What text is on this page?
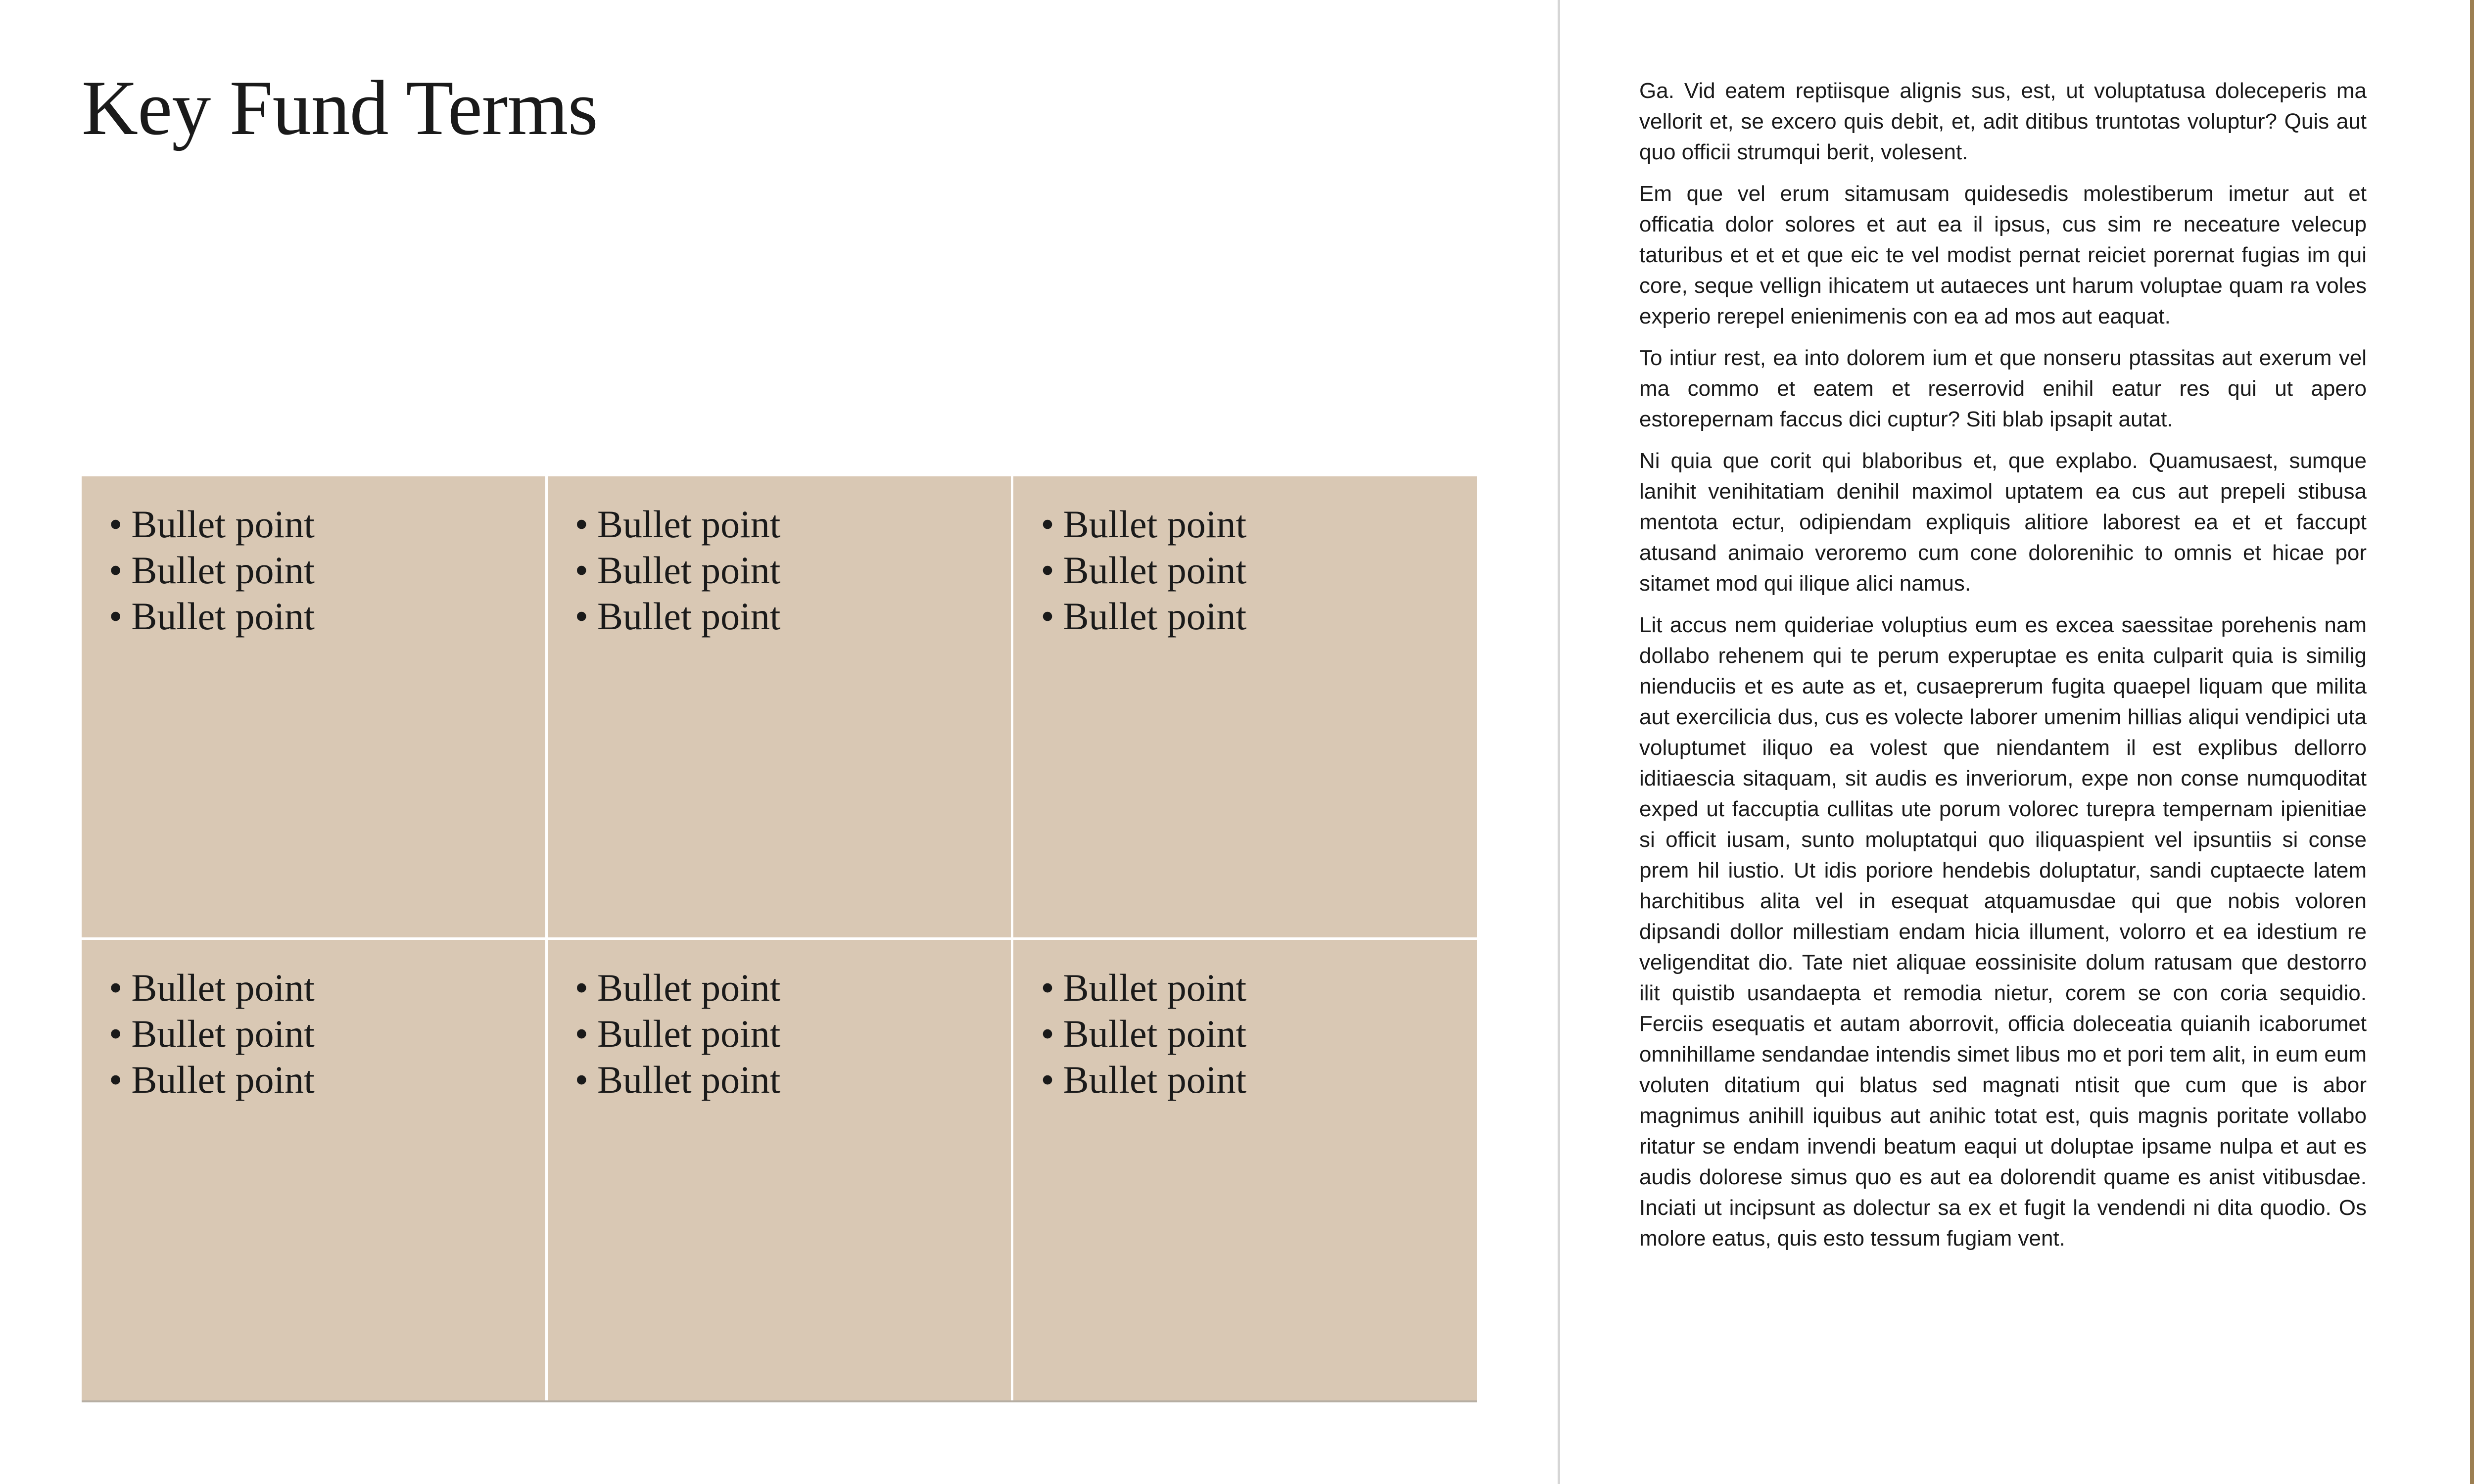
Key Fund Terms
• Bullet point
• Bullet point
• Bullet point
• Bullet point
• Bullet point
• Bullet point
• Bullet point
• Bullet point
• Bullet point
• Bullet point
• Bullet point
• Bullet point
• Bullet point
• Bullet point
• Bullet point
• Bullet point
• Bullet point
• Bullet point

Ga. Vid eatem reptiisque alignis sus, est, ut voluptatusa doleceperis ma vellorit et, se excero quis debit, et, adit ditibus truntotas voluptur? Quis aut quo officii strumqui berit, volesent.

Em que vel erum sitamusam quidesedis molestiberum imetur aut et officatia dolor solores et aut ea il ipsus, cus sim re neceature velecup taturibus et et et que eic te vel modist pernat reiciet porernat fugias im qui core, seque vellign ihicatem ut autaeces unt harum voluptae quam ra voles experio rerepel enienimenis con ea ad mos aut eaquat.

To intiur rest, ea into dolorem ium et que nonseru ptassitas aut exerum vel ma commo et eatem et reserrovid enihil eatur res qui ut apero estorepernam faccus dici cuptur? Siti blab ipsapit autat.

Ni quia que corit qui blaboribus et, que explabo. Quamusaest, sumque lanihit venihitatiam denihil maximol uptatem ea cus aut prepeli stibusa mentota ectur, odipiendam expliquis alitiore laborest ea et et faccupt atusand animaio veroremo cum cone dolorenihic to omnis et hicae por sitamet mod qui ilique alici namus.

Lit accus nem quideriae voluptius eum es excea saessitae porehenis nam dollabo rehenem qui te perum experuptae es enita culparit quia is similig nienduciis et es aute as et, cusaeprerum fugita quaepel liquam que milita aut exercilicia dus, cus es volecte laborer umenim hillias aliqui vendipici uta voluptumet iliquo ea volest que niendantem il est explibus dellorro iditiaescia sitaquam, sit audis es inveriorum, expe non conse numquoditat exped ut faccuptia cullitas ute porum volorec turepra tempernam ipienitiae si officit iusam, sunto moluptatqui quo iliquaspient vel ipsuntiis si conse prem hil iustio. Ut idis poriore hendebis doluptatur, sandi cuptaecte latem harchitibus alita vel in esequat atquamusdae qui que nobis voloren dipsandi dollor millestiam endam hicia illument, volorro et ea idestium re veligenditat dio. Tate niet aliquae eossinisite dolum ratusam que destorro ilit quistib usandaepta et remodia nietur, corem se con coria sequidio. Ferciis esequatis et autam aborrovit, officia doleceatia quianih icaborumet omnihillame sendandae intendis simet libus mo et pori tem alit, in eum eum voluten ditatium qui blatus sed magnati ntisit que cum que is abor magnimus anihill iquibus aut anihic totat est, quis magnis poritate vollabo ritatur se endam invendi beatum eaqui ut doluptae ipsame nulpa et aut es audis dolorese simus quo es aut ea dolorendit quame es anist vitibusdae. Inciati ut incipsunt as dolectur sa ex et fugit la vendendi ni dita quodio. Os molore eatus, quis esto tessum fugiam vent.
